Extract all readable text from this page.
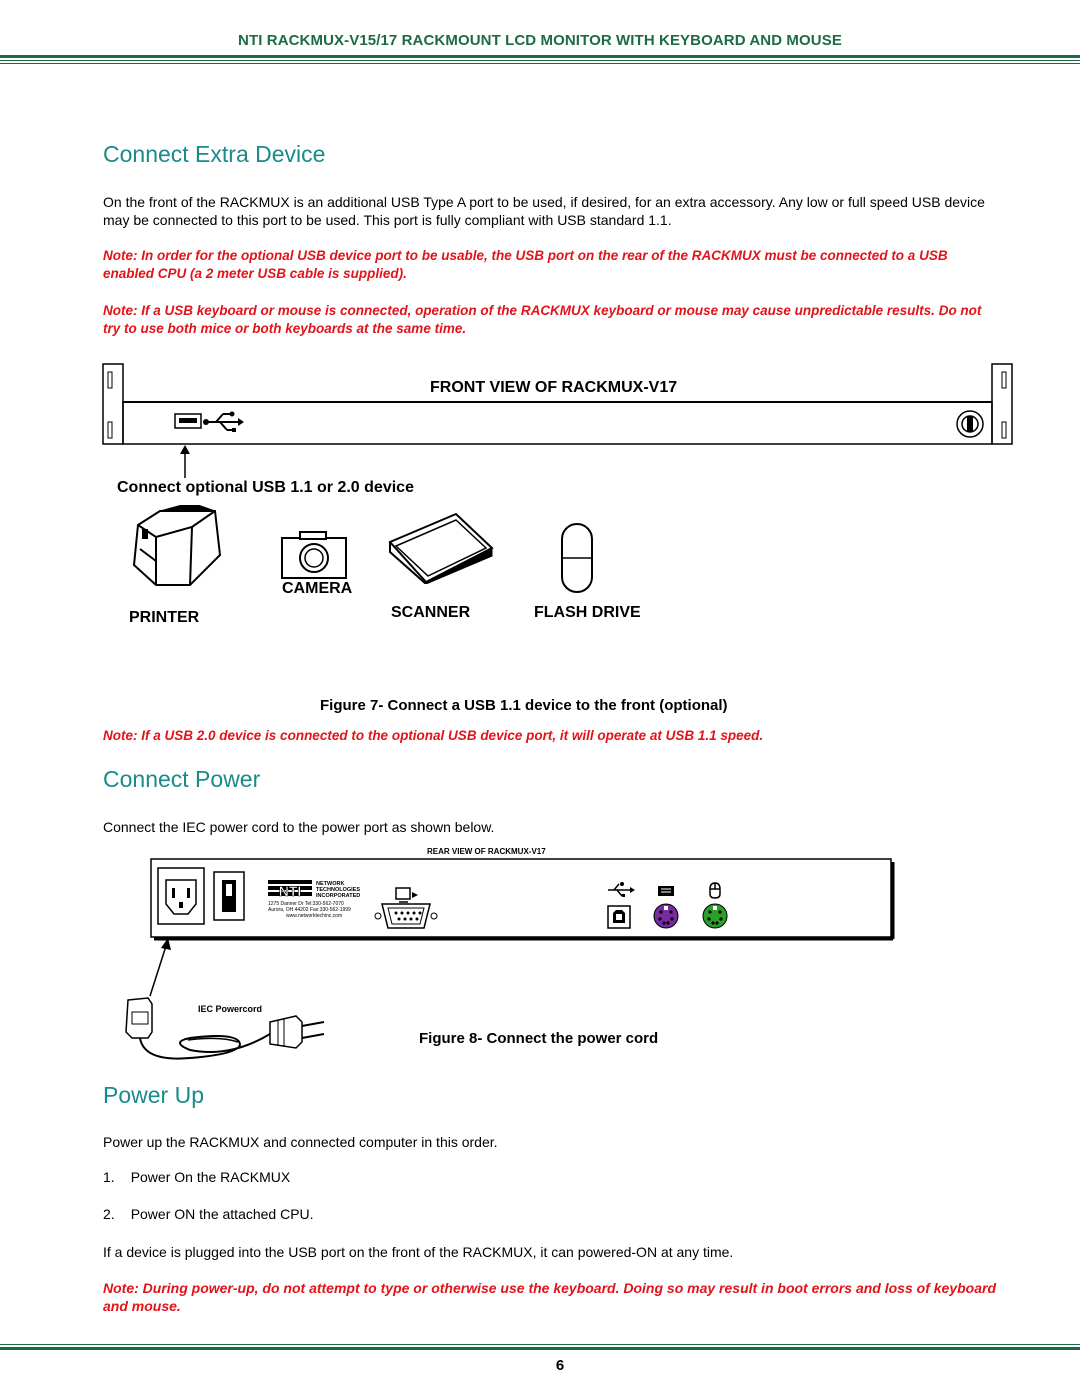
NTI RACKMUX-V15/17 RACKMOUNT LCD MONITOR WITH KEYBOARD AND MOUSE
Connect Extra Device

On the front of the RACKMUX is an additional USB Type A port to be used, if desired, for an extra accessory. Any low or full speed USB device may be connected to this port to be used. This port is fully compliant with USB standard 1.1.

Note: In order for the optional USB device port to be usable, the USB port on the rear of the RACKMUX must be connected to a USB enabled CPU (a 2 meter USB cable is supplied).

Note: If a USB keyboard or mouse is connected, operation of the RACKMUX keyboard or mouse may cause unpredictable results. Do not try to use both mice or both keyboards at the same time.

FRONT VIEW OF RACKMUX-V17
Connect optional USB 1.1 or 2.0 device
CAMERA
PRINTER	SCANNER	FLASH DRIVE
Figure 7- Connect a USB 1.1 device to the front (optional)

Note: If a USB 2.0 device is connected to the optional USB device port, it will operate at USB 1.1 speed.

Connect Power

Connect the IEC power cord to the power port as shown below.

REAR VIEW OF RACKMUX-V17
NTI	NETWORK
TECHNOLOGIES
INCORPORATED
1275 Danner Dr Tel:330-562-7070
Aurora, OH 44202 Fax:330-562-1999
www.networktechinc.com
IEC Powercord
Figure 8- Connect the power cord
Power Up

Power up the RACKMUX and connected computer in this order.

1. Power On the RACKMUX
2. Power ON the attached CPU.

If a device is plugged into the USB port on the front of the RACKMUX, it can powered-ON at any time.

Note: During power-up, do not attempt to type or otherwise use the keyboard. Doing so may result in boot errors and loss of keyboard and mouse.

6
